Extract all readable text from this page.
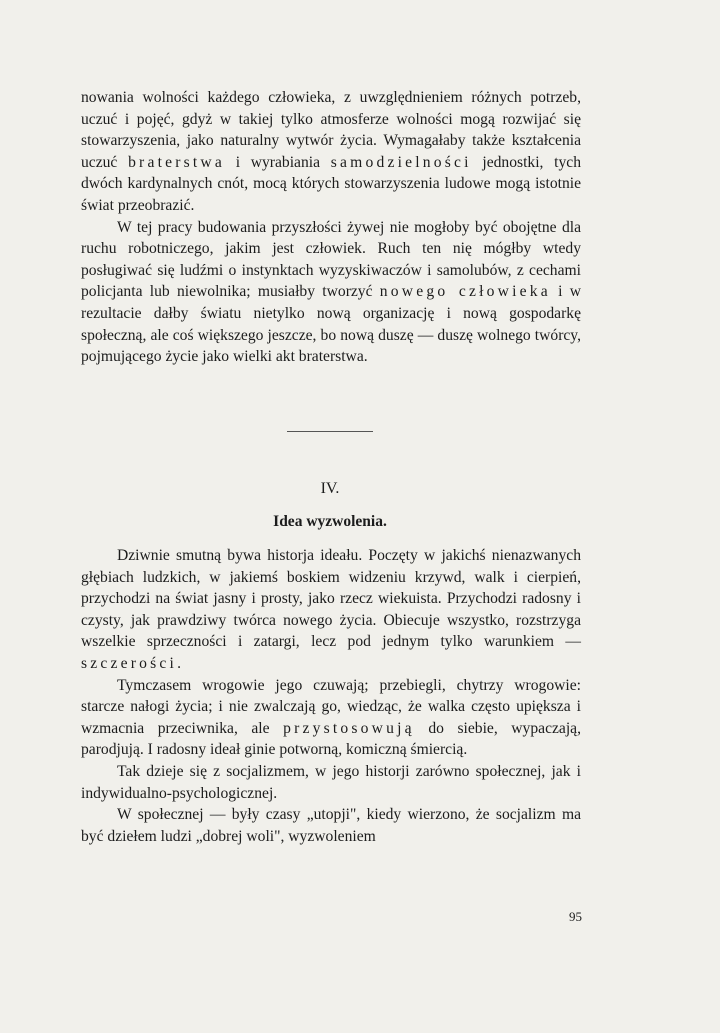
nowania wolności każdego człowieka, z uwzględnieniem różnych potrzeb, uczuć i pojęć, gdyż w takiej tylko atmosferze wolności mogą rozwijać się stowarzyszenia, jako naturalny wytwór życia. Wymagałaby także kształcenia uczuć braterstwa i wyrabiania samodzielności jednostki, tych dwóch kardynalnych cnót, mocą których stowarzyszenia ludowe mogą istotnie świat przeobrazić.

W tej pracy budowania przyszłości żywej nie mogłoby być obojętne dla ruchu robotniczego, jakim jest człowiek. Ruch ten nię mógłby wtedy posługiwać się ludźmi o instynktach wyzyskiwaczów i samolubów, z cechami policjanta lub niewolnika; musiałby tworzyć nowego człowieka i w rezultacie dałby światu nietylko nową organizację i nową gospodarkę społeczną, ale coś większego jeszcze, bo nową duszę — duszę wolnego twórcy, pojmującego życie jako wielki akt braterstwa.

IV.
Idea wyzwolenia.

Dziwnie smutną bywa historja ideału. Poczęty w jakichś nienazwanych głębiach ludzkich, w jakiemś boskiem widzeniu krzywd, walk i cierpień, przychodzi na świat jasny i prosty, jako rzecz wiekuista. Przychodzi radosny i czysty, jak prawdziwy twórca nowego życia. Obiecuje wszystko, rozstrzyga wszelkie sprzeczności i zatargi, lecz pod jednym tylko warunkiem — szczerości.

Tymczasem wrogowie jego czuwają; przebiegli, chytrzy wrogowie: starcze nałogi życia; i nie zwalczają go, wiedząc, że walka często upiększa i wzmacnia przeciwnika, ale przystosowują do siebie, wypaczają, parodjują. I radosny ideał ginie potworną, komiczną śmiercią.

Tak dzieje się z socjalizmem, w jego historji zarówno społecznej, jak i indywidualno-psychologicznej.

W społecznej — były czasy „utopji", kiedy wierzono, że socjalizm ma być dziełem ludzi „dobrej woli", wyzwoleniem

95
